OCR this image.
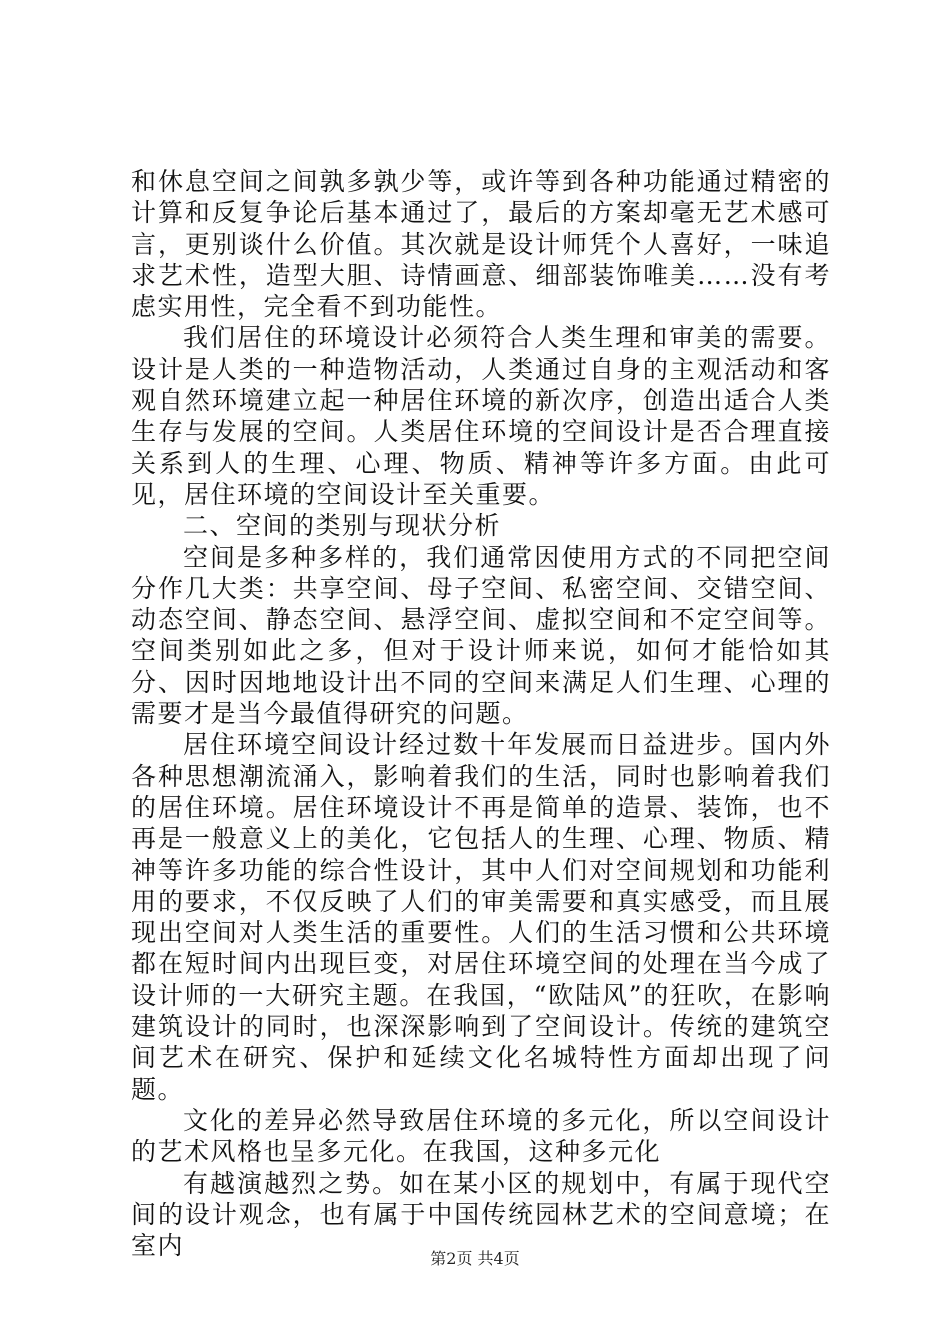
和休息空间之间孰多孰少等，或许等到各种功能通过精密的计算和反复争论后基本通过了，最后的方案却毫无艺术感可言，更别谈什么价值。其次就是设计师凭个人喜好，一味追求艺术性，造型大胆、诗情画意、细部装饰唯美……没有考虑实用性，完全看不到功能性。

我们居住的环境设计必须符合人类生理和审美的需要。设计是人类的一种造物活动，人类通过自身的主观活动和客观自然环境建立起一种居住环境的新次序，创造出适合人类生存与发展的空间。人类居住环境的空间设计是否合理直接关系到人的生理、心理、物质、精神等许多方面。由此可见，居住环境的空间设计至关重要。

二、空间的类别与现状分析

空间是多种多样的，我们通常因使用方式的不同把空间分作几大类：共享空间、母子空间、私密空间、交错空间、动态空间、静态空间、悬浮空间、虚拟空间和不定空间等。空间类别如此之多，但对于设计师来说，如何才能恰如其分、因时因地地设计出不同的空间来满足人们生理、心理的需要才是当今最值得研究的问题。

居住环境空间设计经过数十年发展而日益进步。国内外各种思想潮流涌入，影响着我们的生活，同时也影响着我们的居住环境。居住环境设计不再是简单的造景、装饰，也不再是一般意义上的美化，它包括人的生理、心理、物质、精神等许多功能的综合性设计，其中人们对空间规划和功能利用的要求，不仅反映了人们的审美需要和真实感受，而且展现出空间对人类生活的重要性。人们的生活习惯和公共环境都在短时间内出现巨变，对居住环境空间的处理在当今成了设计师的一大研究主题。在我国，“欧陆风”的狂吹，在影响建筑设计的同时，也深深影响到了空间设计。传统的建筑空间艺术在研究、保护和延续文化名城特性方面却出现了问题。

文化的差异必然导致居住环境的多元化，所以空间设计的艺术风格也呈多元化。在我国，这种多元化

有越演越烈之势。如在某小区的规划中，有属于现代空间的设计观念，也有属于中国传统园林艺术的空间意境；在室内	第2页 共4页
